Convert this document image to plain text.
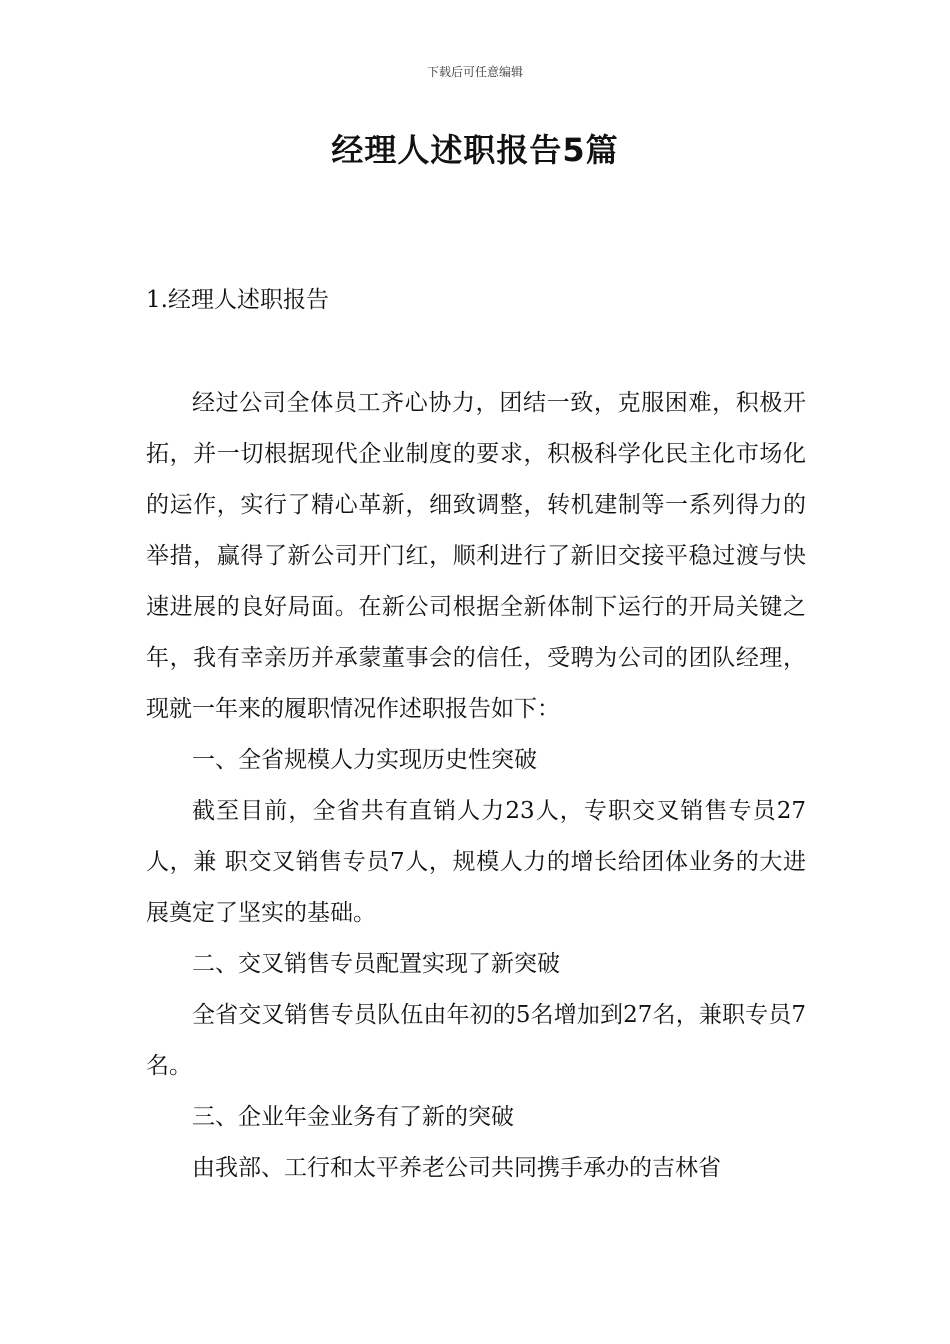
下载后可任意编辑
经理人述职报告5篇
1.经理人述职报告

经过公司全体员工齐心协力，团结一致，克服困难，积极开拓，并一切根据现代企业制度的要求，积极科学化民主化市场化的运作，实行了精心革新，细致调整，转机建制等一系列得力的举措，赢得了新公司开门红，顺利进行了新旧交接平稳过渡与快速进展的良好局面。在新公司根据全新体制下运行的开局关键之年，我有幸亲历并承蒙董事会的信任，受聘为公司的团队经理，现就一年来的履职情况作述职报告如下：

一、全省规模人力实现历史性突破

截至目前，全省共有直销人力23人，专职交叉销售专员27人，兼 职交叉销售专员7人，规模人力的增长给团体业务的大进展奠定了坚实的基础。

二、交叉销售专员配置实现了新突破

全省交叉销售专员队伍由年初的5名增加到27名，兼职专员7名。

三、企业年金业务有了新的突破

由我部、工行和太平养老公司共同携手承办的吉林省
